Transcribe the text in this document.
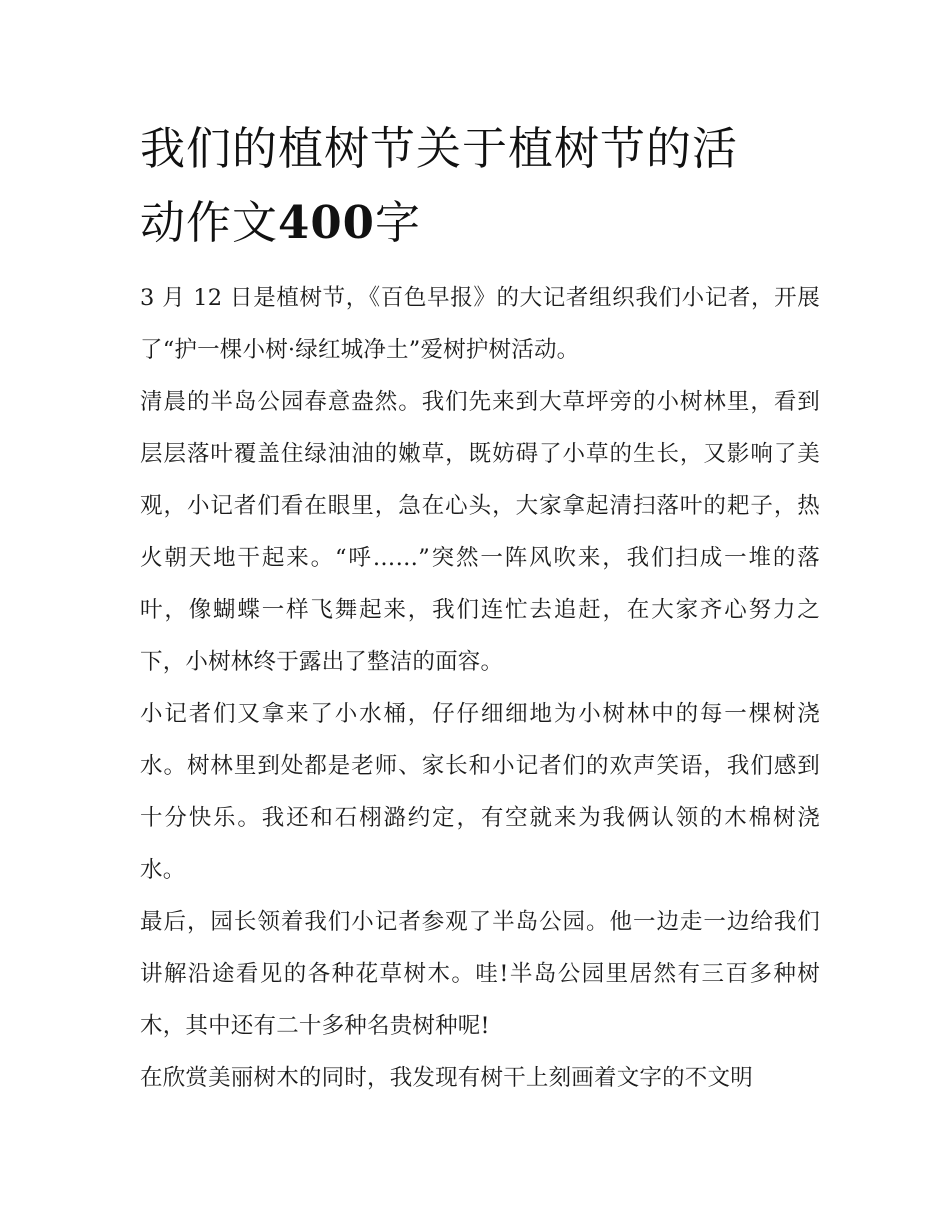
我们的植树节关于植树节的活
动作文400字

3 月 12 日是植树节，《百色早报》的大记者组织我们小记者，开展了“护一棵小树·绿红城净土”爱树护树活动。

清晨的半岛公园春意盎然。我们先来到大草坪旁的小树林里，看到层层落叶覆盖住绿油油的嫩草，既妨碍了小草的生长，又影响了美观，小记者们看在眼里，急在心头，大家拿起清扫落叶的耙子，热火朝天地干起来。“呼……”突然一阵风吹来，我们扫成一堆的落叶，像蝴蝶一样飞舞起来，我们连忙去追赶，在大家齐心努力之下，小树林终于露出了整洁的面容。

小记者们又拿来了小水桶，仔仔细细地为小树林中的每一棵树浇水。树林里到处都是老师、家长和小记者们的欢声笑语，我们感到十分快乐。我还和石栩潞约定，有空就来为我俩认领的木棉树浇水。

最后，园长领着我们小记者参观了半岛公园。他一边走一边给我们讲解沿途看见的各种花草树木。哇!半岛公园里居然有三百多种树木，其中还有二十多种名贵树种呢!

在欣赏美丽树木的同时，我发现有树干上刻画着文字的不文明
